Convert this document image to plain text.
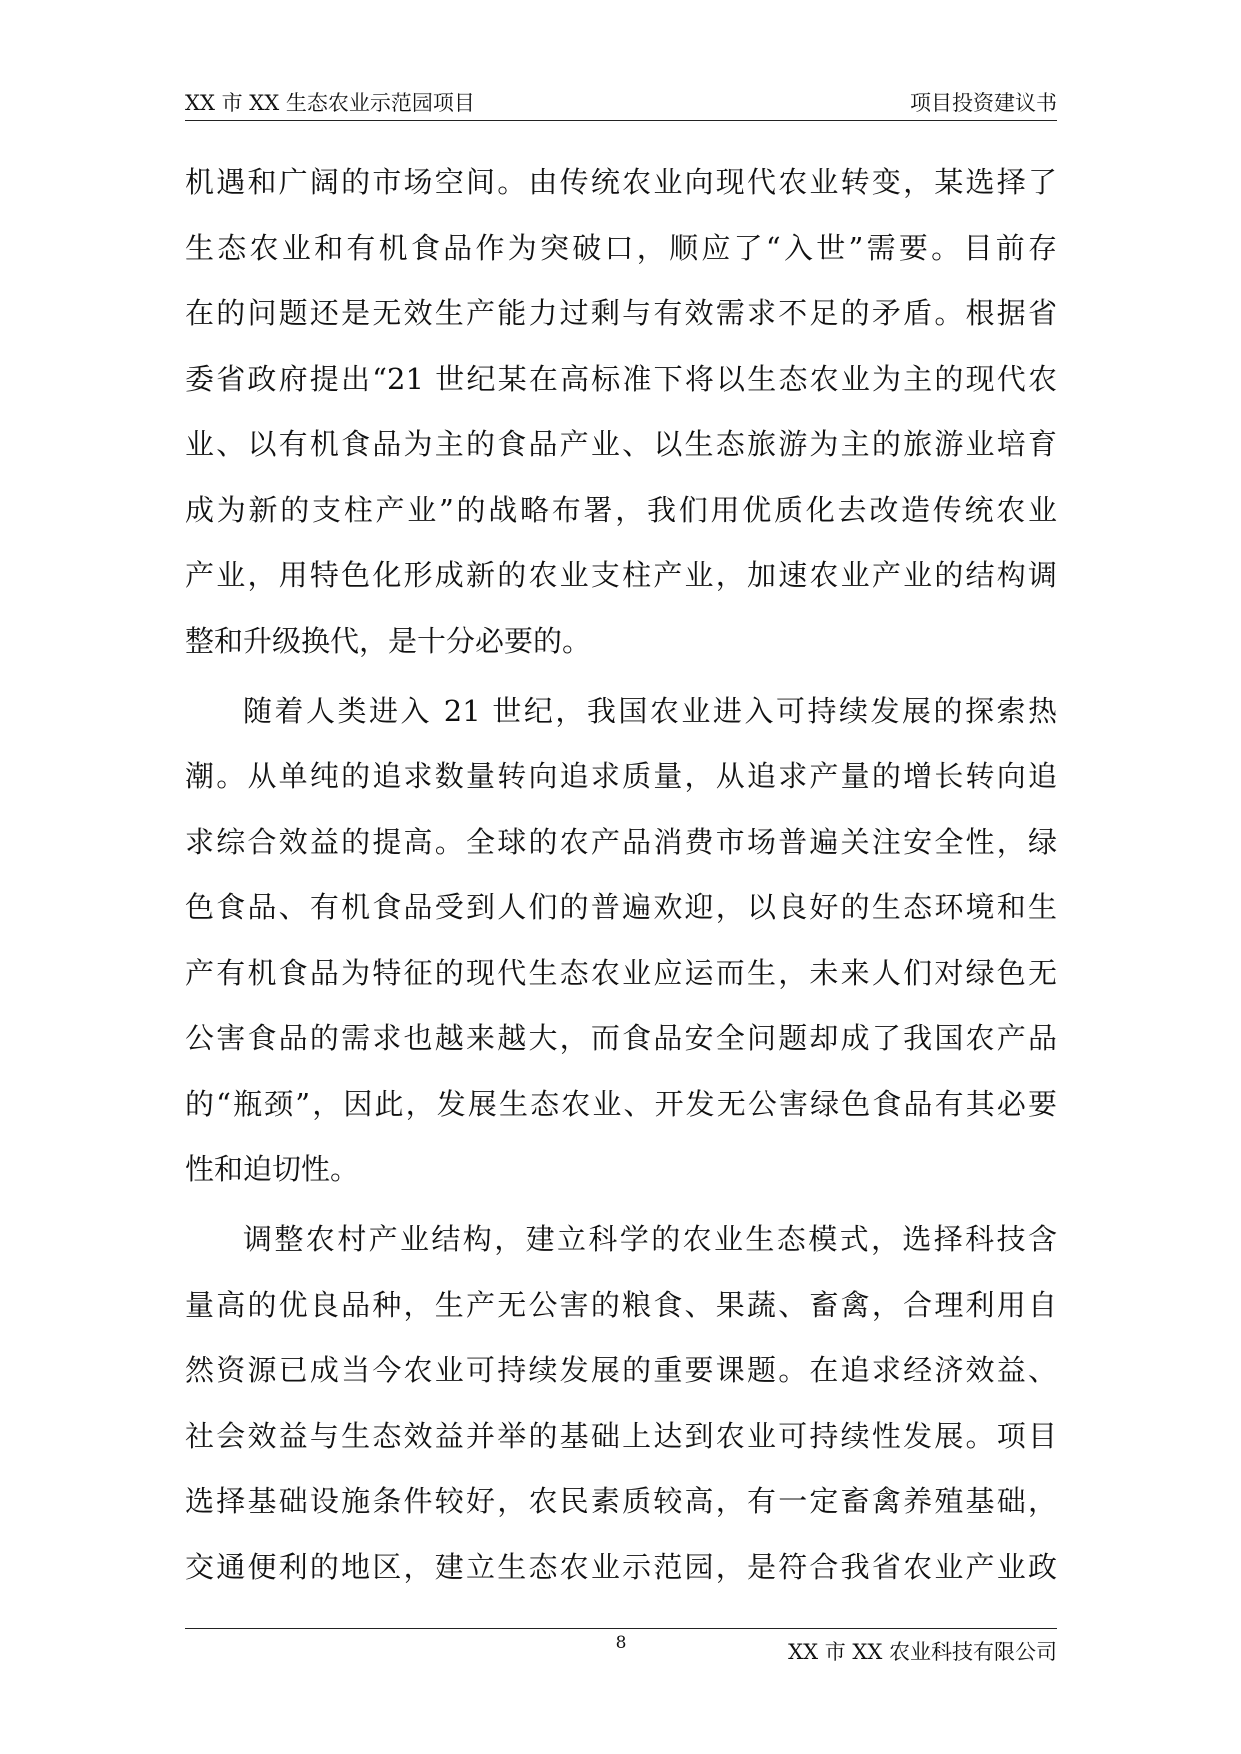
XX 市 XX 生态农业示范园项目	项目投资建议书
机遇和广阔的市场空间。由传统农业向现代农业转变，某选择了
生态农业和有机食品作为突破口，顺应了“入世”需要。目前存
在的问题还是无效生产能力过剩与有效需求不足的矛盾。根据省
委省政府提出“21 世纪某在高标准下将以生态农业为主的现代农
业、以有机食品为主的食品产业、以生态旅游为主的旅游业培育
成为新的支柱产业”的战略布署，我们用优质化去改造传统农业
产业，用特色化形成新的农业支柱产业，加速农业产业的结构调
整和升级换代，是十分必要的。
随着人类进入 21 世纪，我国农业进入可持续发展的探索热
潮。从单纯的追求数量转向追求质量，从追求产量的增长转向追
求综合效益的提高。全球的农产品消费市场普遍关注安全性，绿
色食品、有机食品受到人们的普遍欢迎，以良好的生态环境和生
产有机食品为特征的现代生态农业应运而生，未来人们对绿色无
公害食品的需求也越来越大，而食品安全问题却成了我国农产品
的“瓶颈”，因此，发展生态农业、开发无公害绿色食品有其必要
性和迫切性。
调整农村产业结构，建立科学的农业生态模式，选择科技含
量高的优良品种，生产无公害的粮食、果蔬、畜禽，合理利用自
然资源已成当今农业可持续发展的重要课题。在追求经济效益、
社会效益与生态效益并举的基础上达到农业可持续性发展。项目
选择基础设施条件较好，农民素质较高，有一定畜禽养殖基础，
交通便利的地区，建立生态农业示范园，是符合我省农业产业政
8	XX 市 XX 农业科技有限公司
